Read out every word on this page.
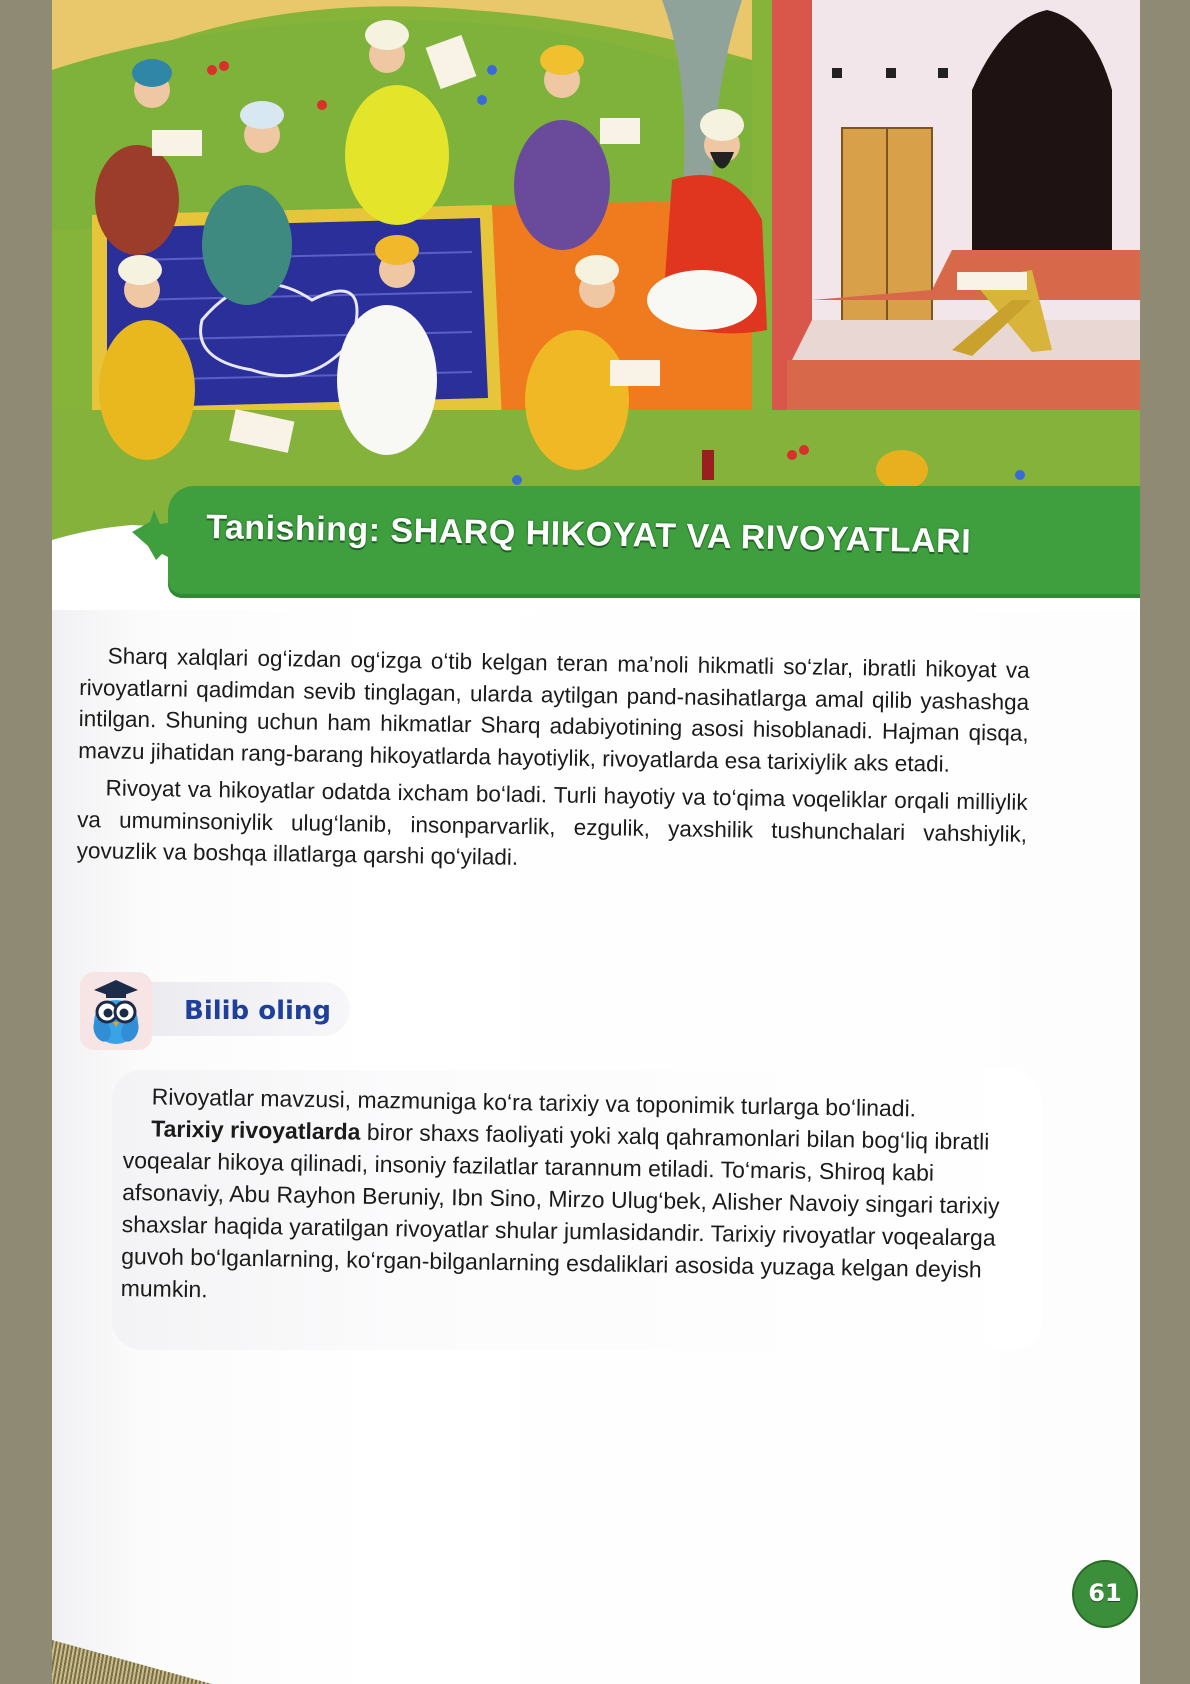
Tanishing: SHARQ HIKOYAT VA RIVOYATLARI

Sharq xalqlari og‘izdan og‘izga o‘tib kelgan teran ma’noli hikmatli so‘zlar, ibratli hikoyat va rivoyatlarni qadimdan sevib tinglagan, ularda aytilgan pand-nasihatlarga amal qilib yashashga intilgan. Shuning uchun ham hikmatlar Sharq adabiyotining asosi hisoblanadi. Hajman qisqa, mavzu jihatidan rang-barang hikoyatlarda hayotiylik, rivoyatlarda esa tarixiylik aks etadi.

Rivoyat va hikoyatlar odatda ixcham bo‘ladi. Turli hayotiy va to‘qima voqeliklar orqali milliylik va umuminsoniylik ulug‘lanib, insonparvarlik, ezgulik, yaxshilik tushunchalari vahshiylik, yovuzlik va boshqa illatlarga qarshi qo‘yiladi.

Bilib oling

Rivoyatlar mavzusi, mazmuniga ko‘ra tarixiy va toponimik turlarga bo‘linadi.

Tarixiy rivoyatlarda biror shaxs faoliyati yoki xalq qahramonlari bilan bog‘liq ibratli voqealar hikoya qilinadi, insoniy fazilatlar tarannum etiladi. To‘maris, Shiroq kabi afsonaviy, Abu Rayhon Beruniy, Ibn Sino, Mirzo Ulug‘bek, Alisher Navoiy singari tarixiy shaxslar haqida yaratilgan rivoyatlar shular jumlasidandir. Tarixiy rivoyatlar voqealarga guvoh bo‘lganlarning, ko‘rgan-bilganlarning esdaliklari asosida yuzaga kelgan deyish mumkin.

61
